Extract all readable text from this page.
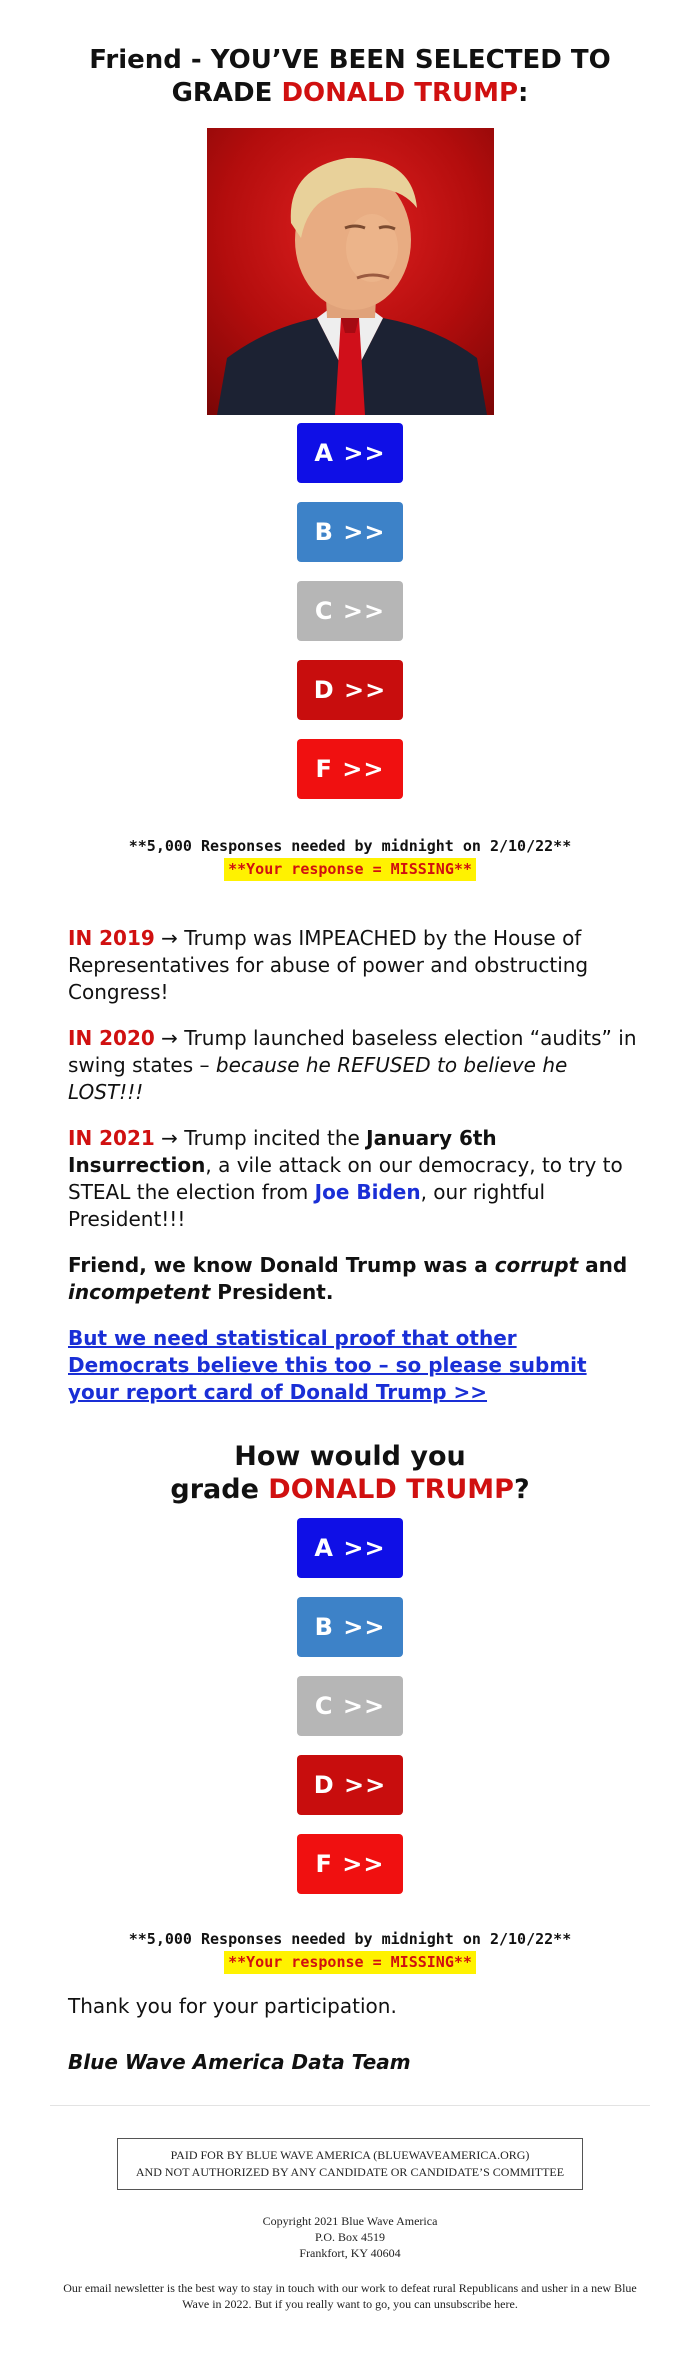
Friend - YOU’VE BEEN SELECTED TO
GRADE DONALD TRUMP:
A >>
B >>
C >>
D >>
F >>
**5,000 Responses needed by midnight on 2/10/22**
**Your response = MISSING**

IN 2019 → Trump was IMPEACHED by the House of Representatives for abuse of power and obstructing Congress!

IN 2020 → Trump launched baseless election “audits” in swing states – because he REFUSED to believe he LOST!!!

IN 2021 → Trump incited the January 6th Insurrection, a vile attack on our democracy, to try to STEAL the election from Joe Biden, our rightful President!!!

Friend, we know Donald Trump was a corrupt and incompetent President.

But we need statistical proof that other Democrats believe this too – so please submit your report card of Donald Trump >>
How would you
grade DONALD TRUMP?
A >>
B >>
C >>
D >>
F >>
**5,000 Responses needed by midnight on 2/10/22**
**Your response = MISSING**

Thank you for your participation.

Blue Wave America Data Team

PAID FOR BY BLUE WAVE AMERICA (BLUEWAVEAMERICA.ORG)
AND NOT AUTHORIZED BY ANY CANDIDATE OR CANDIDATE’S COMMITTEE
Copyright 2021 Blue Wave America
P.O. Box 4519
Frankfort, KY 40604
Our email newsletter is the best way to stay in touch with our work to defeat rural Republicans and usher in a new Blue Wave in 2022. But if you really want to go, you can unsubscribe here.
